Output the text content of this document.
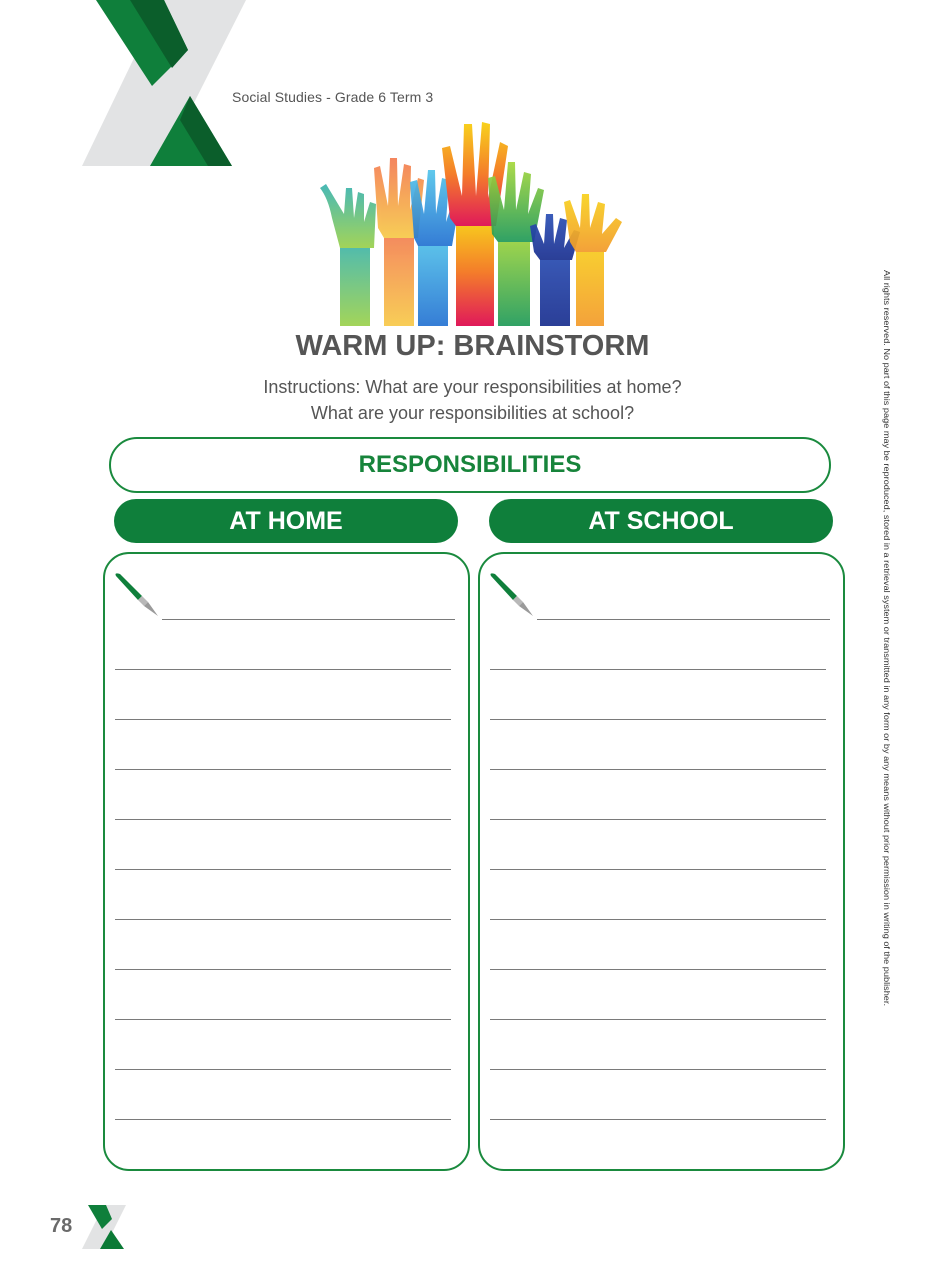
Social Studies - Grade 6 Term 3
WARM UP: BRAINSTORM
Instructions: What are your responsibilities at home?
What are your responsibilities at school?
RESPONSIBILITIES
AT HOME	AT SCHOOL	All rights reserved. No part of this page may be reproduced, stored in a retrieval system or transmitted in any form or by any means without prior permission in writing of the publisher.
78
